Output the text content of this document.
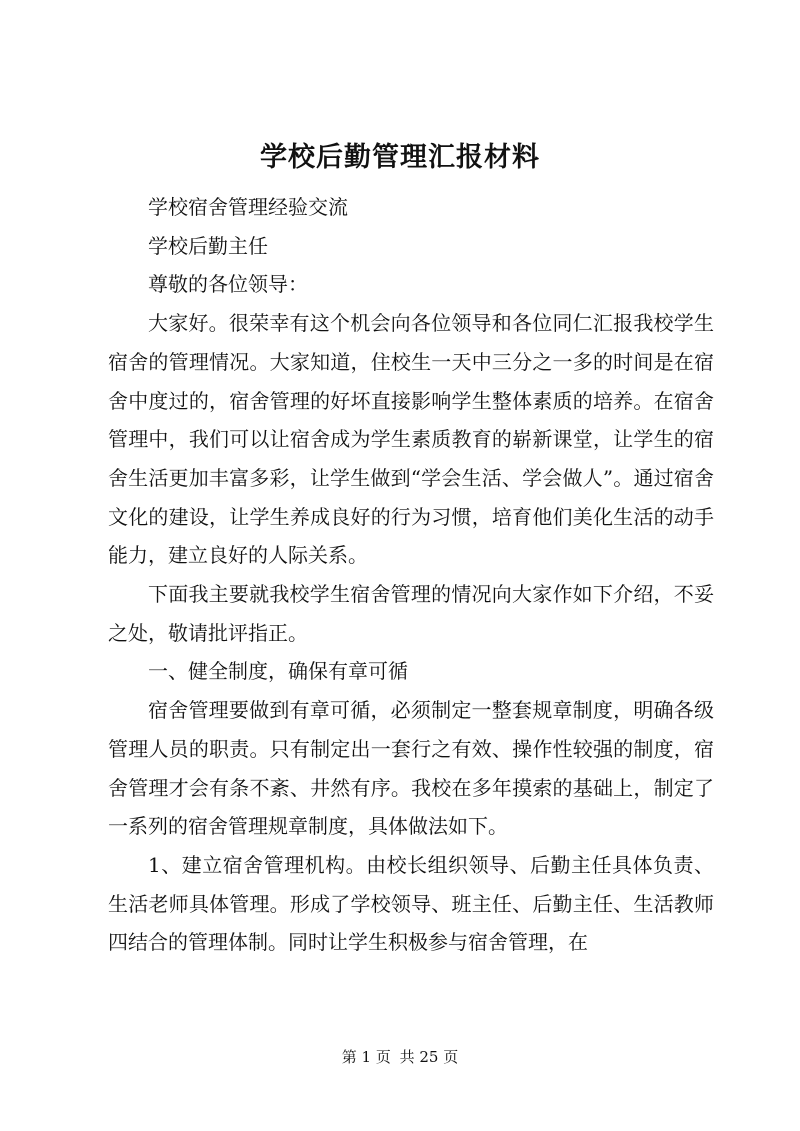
学校后勤管理汇报材料

学校宿舍管理经验交流

学校后勤主任

尊敬的各位领导：

大家好。很荣幸有这个机会向各位领导和各位同仁汇报我校学生宿舍的管理情况。大家知道，住校生一天中三分之一多的时间是在宿舍中度过的，宿舍管理的好坏直接影响学生整体素质的培养。在宿舍管理中，我们可以让宿舍成为学生素质教育的崭新课堂，让学生的宿舍生活更加丰富多彩，让学生做到“学会生活、学会做人”。通过宿舍文化的建设，让学生养成良好的行为习惯，培育他们美化生活的动手能力，建立良好的人际关系。

下面我主要就我校学生宿舍管理的情况向大家作如下介绍，不妥之处，敬请批评指正。

一、健全制度，确保有章可循

宿舍管理要做到有章可循，必须制定一整套规章制度，明确各级管理人员的职责。只有制定出一套行之有效、操作性较强的制度，宿舍管理才会有条不紊、井然有序。我校在多年摸索的基础上，制定了一系列的宿舍管理规章制度，具体做法如下。

1、建立宿舍管理机构。由校长组织领导、后勤主任具体负责、生活老师具体管理。形成了学校领导、班主任、后勤主任、生活教师四结合的管理体制。同时让学生积极参与宿舍管理，在

第 1 页 共 25 页
